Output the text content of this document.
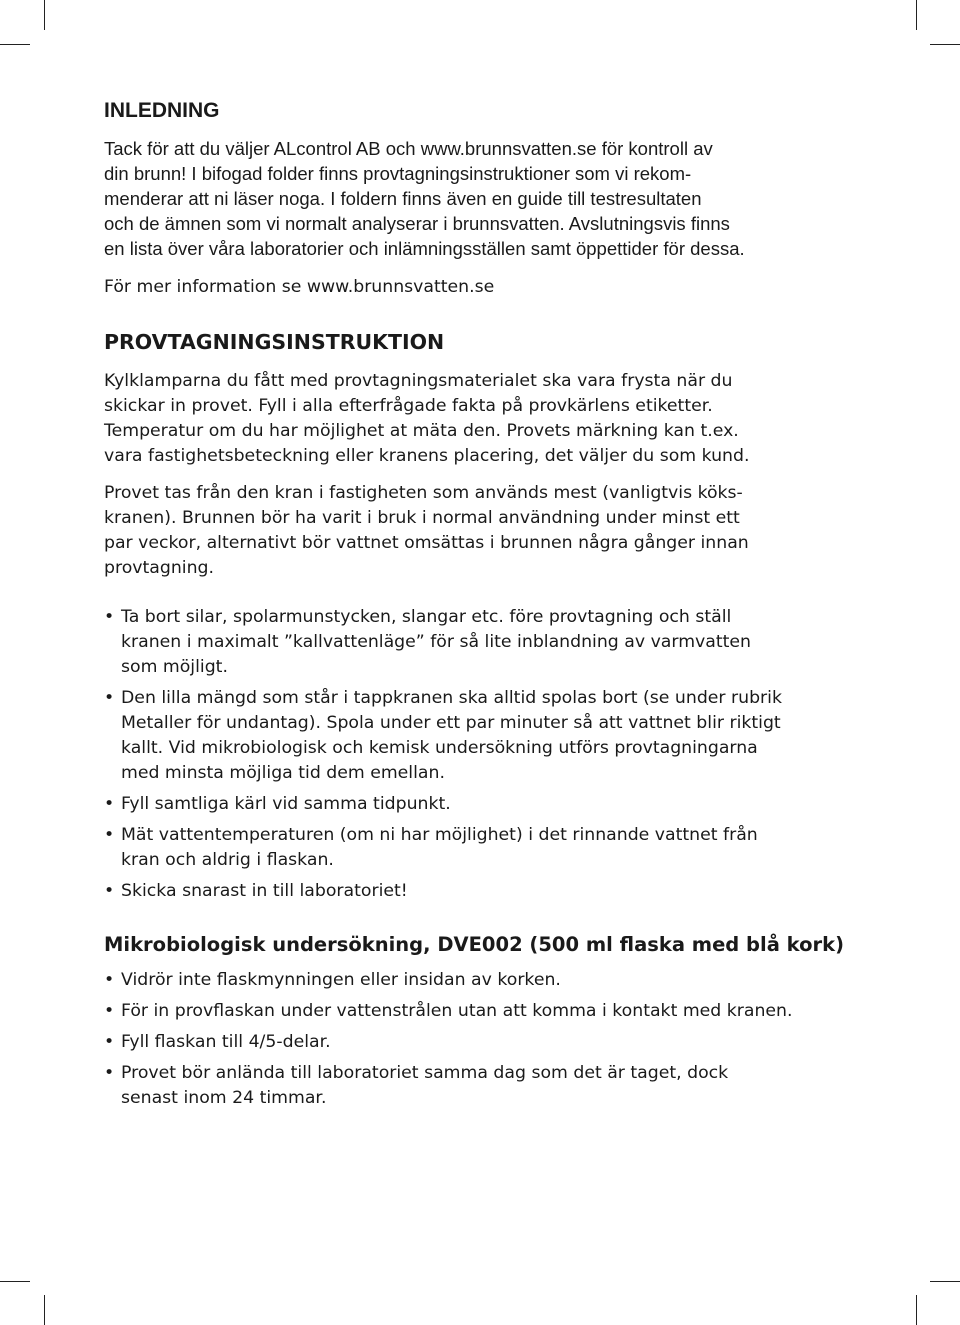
INLEDNING
Tack för att du väljer ALcontrol AB och www.brunnsvatten.se för kontroll av
din brunn! I bifogad folder finns provtagningsinstruktioner som vi rekom-
menderar att ni läser noga. I foldern finns även en guide till testresultaten
och de ämnen som vi normalt analyserar i brunnsvatten. Avslutningsvis finns
en lista över våra laboratorier och inlämningsställen samt öppettider för dessa.
För mer information se www.brunnsvatten.se
PROVTAGNINGSINSTRUKTION
Kylklamparna du fått med provtagningsmaterialet ska vara frysta när du
skickar in provet. Fyll i alla efterfrågade fakta på provkärlens etiketter.
Temperatur om du har möjlighet at mäta den. Provets märkning kan t.ex.
vara fastighetsbeteckning eller kranens placering, det väljer du som kund.
Provet tas från den kran i fastigheten som används mest (vanligtvis köks-
kranen). Brunnen bör ha varit i bruk i normal användning under minst ett
par veckor, alternativt bör vattnet omsättas i brunnen några gånger innan
provtagning.
• Ta bort silar, spolarmunstycken, slangar etc. före provtagning och ställ
kranen i maximalt ”kallvattenläge” för så lite inblandning av varmvatten
som möjligt.
• Den lilla mängd som står i tappkranen ska alltid spolas bort (se under rubrik
Metaller för undantag). Spola under ett par minuter så att vattnet blir riktigt
kallt. Vid mikrobiologisk och kemisk undersökning utförs provtagningarna
med minsta möjliga tid dem emellan.
• Fyll samtliga kärl vid samma tidpunkt.
• Mät vattentemperaturen (om ni har möjlighet) i det rinnande vattnet från
kran och aldrig i flaskan.
• Skicka snarast in till laboratoriet!
Mikrobiologisk undersökning, DVE002 (500 ml flaska med blå kork)
• Vidrör inte flaskmynningen eller insidan av korken.
• För in provflaskan under vattenstrålen utan att komma i kontakt med kranen.
• Fyll flaskan till 4/5-delar.
• Provet bör anlända till laboratoriet samma dag som det är taget, dock
senast inom 24 timmar.
